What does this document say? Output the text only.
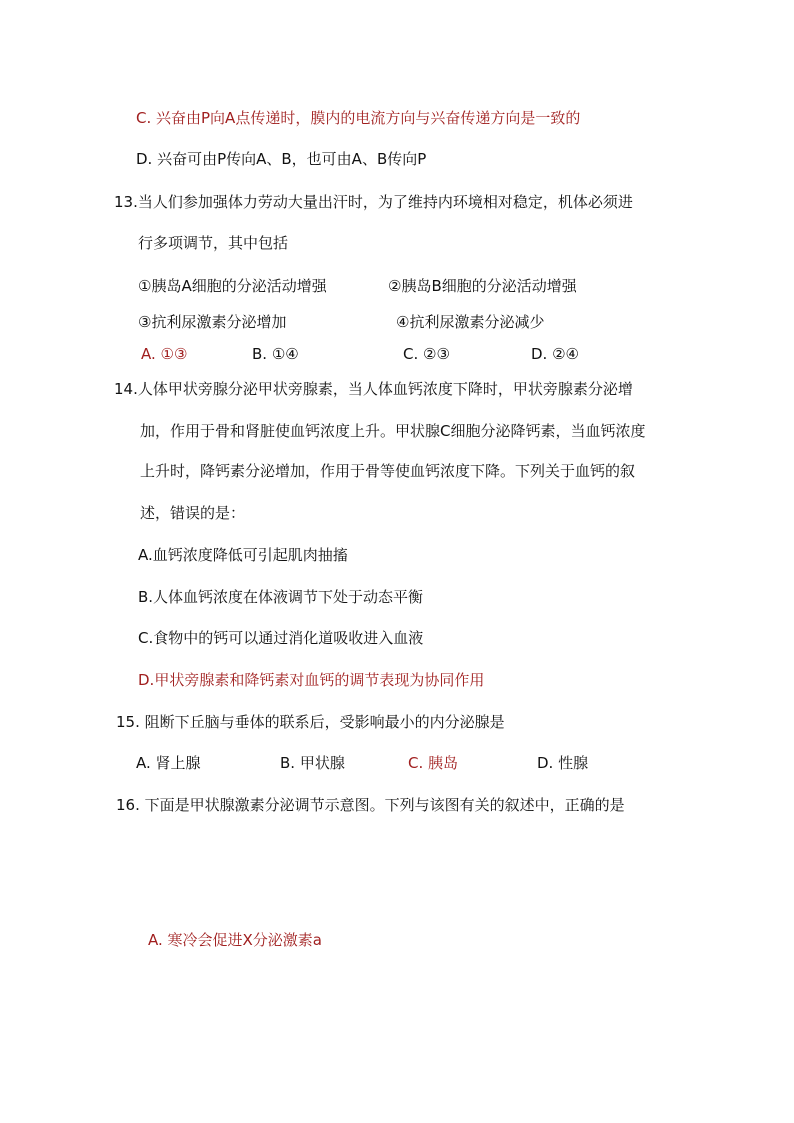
C. 兴奋由P向A点传递时，膜内的电流方向与兴奋传递方向是一致的
D. 兴奋可由P传向A、B，也可由A、B传向P
13.当人们参加强体力劳动大量出汗时，为了维持内环境相对稳定，机体必须进
行多项调节，其中包括
①胰岛A细胞的分泌活动增强	②胰岛B细胞的分泌活动增强
③抗利尿激素分泌增加	④抗利尿激素分泌减少
A. ①③	B. ①④	C. ②③	D. ②④
14.人体甲状旁腺分泌甲状旁腺素，当人体血钙浓度下降时，甲状旁腺素分泌增
加，作用于骨和肾脏使血钙浓度上升。甲状腺C细胞分泌降钙素，当血钙浓度
上升时，降钙素分泌增加，作用于骨等使血钙浓度下降。下列关于血钙的叙
述，错误的是：
A.血钙浓度降低可引起肌肉抽搐
B.人体血钙浓度在体液调节下处于动态平衡
C.食物中的钙可以通过消化道吸收进入血液
D.甲状旁腺素和降钙素对血钙的调节表现为协同作用
15. 阻断下丘脑与垂体的联系后，受影响最小的内分泌腺是
A. 肾上腺	B. 甲状腺	C. 胰岛	D. 性腺
16. 下面是甲状腺激素分泌调节示意图。下列与该图有关的叙述中，正确的是
A. 寒冷会促进X分泌激素a
